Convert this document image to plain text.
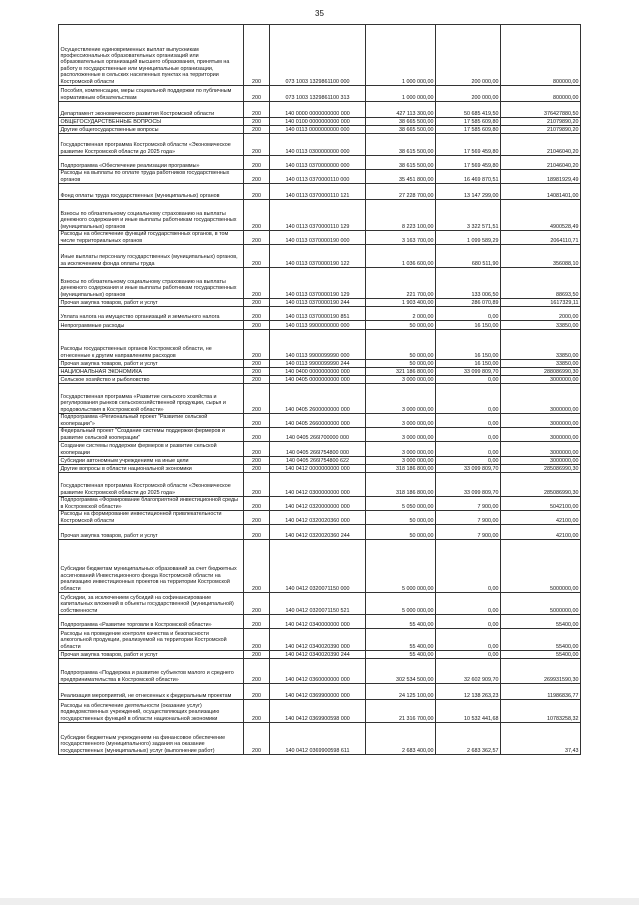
35
Осуществление единовременных выплат выпускникам профессиональных образовательных организаций или образовательных организаций высшего образования, принятым на работу в государственные или муниципальные организации, расположенные в сельских населенных пунктах на территории Костромской области	200	073 1003 1329861100 000	1 000 000,00	200 000,00	800000,00
Пособия, компенсации, меры социальной поддержки по публичным нормативным обязательствам	200	073 1003 1329861100 313	1 000 000,00	200 000,00	800000,00
Департамент экономического развития Костромской области	200	140 0000 0000000000 000	427 113 300,00	50 685 419,50	376427880,50
ОБЩЕГОСУДАРСТВЕННЫЕ ВОПРОСЫ	200	140 0100 0000000000 000	38 665 500,00	17 585 609,80	21079890,20
Другие общегосударственные вопросы	200	140 0113 0000000000 000	38 665 500,00	17 585 609,80	21079890,20
Государственная программа Костромской области «Экономическое развитие Костромской области до 2025 года»	200	140 0113 0300000000 000	38 615 500,00	17 569 459,80	21046040,20
Подпрограмма «Обеспечение реализации программы»	200	140 0113 0370000000 000	38 615 500,00	17 569 459,80	21046040,20
Расходы на выплаты по оплате труда работников государственных органов	200	140 0113 0370000110 000	35 451 800,00	16 469 870,51	18981929,49
Фонд оплаты труда государственных (муниципальных) органов	200	140 0113 0370000110 121	27 228 700,00	13 147 299,00	14081401,00
Взносы по обязательному социальному страхованию на выплаты денежного содержания и иные выплаты работникам государственных (муниципальных) органов	200	140 0113 0370000110 129	8 223 100,00	3 322 571,51	4900528,49
Расходы на обеспечение функций государственных органов, в том числе территориальных органов	200	140 0113 0370000190 000	3 163 700,00	1 099 589,29	2064110,71
Иные выплаты персоналу государственных (муниципальных) органов, за исключением фонда оплаты труда	200	140 0113 0370000190 122	1 036 600,00	680 511,90	356088,10
Взносы по обязательному социальному страхованию на выплаты денежного содержания и иные выплаты работникам государственных (муниципальных) органов	200	140 0113 0370000190 129	221 700,00	133 006,50	88693,50
Прочая закупка товаров, работ и услуг	200	140 0113 0370000190 244	1 903 400,00	286 070,89	1617329,11
Уплата налога на имущество организаций и земельного налога	200	140 0113 0370000190 851	2 000,00	0,00	2000,00
Непрограммные расходы	200	140 0113 9900000000 000	50 000,00	16 150,00	33850,00
Расходы государственных органов Костромской области, не отнесенные к другим направлениям расходов	200	140 0113 9900099990 000	50 000,00	16 150,00	33850,00
Прочая закупка товаров, работ и услуг	200	140 0113 9900099990 244	50 000,00	16 150,00	33850,00
НАЦИОНАЛЬНАЯ ЭКОНОМИКА	200	140 0400 0000000000 000	321 186 800,00	33 099 809,70	288086990,30
Сельское хозяйство и рыболовство	200	140 0405 0000000000 000	3 000 000,00	0,00	3000000,00
Государственная программа «Развитие сельского хозяйства и регулирования рынков сельскохозяйственной продукции, сырья и продовольствия в Костромской области»	200	140 0405 2600000000 000	3 000 000,00	0,00	3000000,00
Подпрограмма «Региональный проект "Развитие сельской кооперации"»	200	140 0405 2660000000 000	3 000 000,00	0,00	3000000,00
Федеральный проект "Создание системы поддержки фермеров и развитие сельской кооперации"	200	140 0405 266I700000 000	3 000 000,00	0,00	3000000,00
Создание системы поддержки фермеров и развитие сельской кооперации	200	140 0405 266I754800 000	3 000 000,00	0,00	3000000,00
Субсидии автономным учреждениям на иные цели	200	140 0405 266I754800 622	3 000 000,00	0,00	3000000,00
Другие вопросы в области национальной экономики	200	140 0412 0000000000 000	318 186 800,00	33 099 809,70	285086990,30
Государственная программа Костромской области «Экономическое развитие Костромской области до 2025 года»	200	140 0412 0300000000 000	318 186 800,00	33 099 809,70	285086990,30
Подпрограмма «Формирование благоприятной инвестиционной среды в Костромской области»	200	140 0412 0320000000 000	5 050 000,00	7 900,00	5042100,00
Расходы на формирование инвестиционной привлекательности Костромской области	200	140 0412 0320020360 000	50 000,00	7 900,00	42100,00
Прочая закупка товаров, работ и услуг	200	140 0412 0320020360 244	50 000,00	7 900,00	42100,00
Субсидии бюджетам муниципальных образований за счет бюджетных ассигнований Инвестиционного фонда Костромской области на реализацию инвестиционных проектов на территории Костромской области	200	140 0412 0320071150 000	5 000 000,00	0,00	5000000,00
Субсидии, за исключением субсидий на софинансирование капитальных вложений в объекты государственной (муниципальной) собственности	200	140 0412 0320071150 521	5 000 000,00	0,00	5000000,00
Подпрограмма «Развитие торговли в Костромской области»	200	140 0412 0340000000 000	55 400,00	0,00	55400,00
Расходы на проведение контроля качества и безопасности алкогольной продукции, реализуемой на территории Костромской области	200	140 0412 0340020390 000	55 400,00	0,00	55400,00
Прочая закупка товаров, работ и услуг	200	140 0412 0340020390 244	55 400,00	0,00	55400,00
Подпрограмма «Поддержка и развитие субъектов малого и среднего предпринимательства в Костромской области»	200	140 0412 0360000000 000	302 534 500,00	32 602 909,70	269931590,30
Реализация мероприятий, не отнесенных к федеральным проектам	200	140 0412 0369900000 000	24 125 100,00	12 138 263,23	11986836,77
Расходы на обеспечение деятельности (оказание услуг) подведомственных учреждений, осуществляющих реализацию государственных функций в области национальной экономики	200	140 0412 0369900598 000	21 316 700,00	10 532 441,68	10783258,32
Субсидии бюджетным учреждениям на финансовое обеспечение государственного (муниципального) задания на оказание государственных (муниципальных) услуг (выполнение работ)	200	140 0412 0369900598 611	2 683 400,00	2 683 362,57	37,43
